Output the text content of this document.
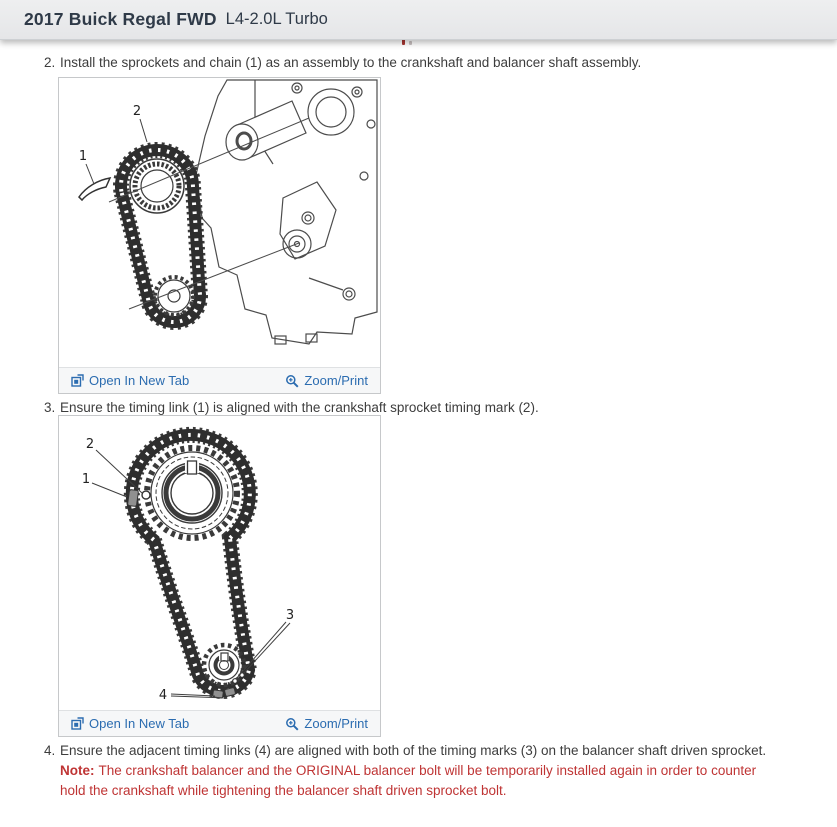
2017 Buick Regal FWD L4-2.0L Turbo
2. Install the sprockets and chain (1) as an assembly to the crankshaft and balancer shaft assembly.
1
2
Open In New Tab	Zoom/Print
3. Ensure the timing link (1) is aligned with the crankshaft sprocket timing mark (2).
2
1
3
4
Open In New Tab	Zoom/Print
4. Ensure the adjacent timing links (4) are aligned with both of the timing marks (3) on the balancer shaft driven sprocket.
Note: The crankshaft balancer and the ORIGINAL balancer bolt will be temporarily installed again in order to counter hold the crankshaft while tightening the balancer shaft driven sprocket bolt.
